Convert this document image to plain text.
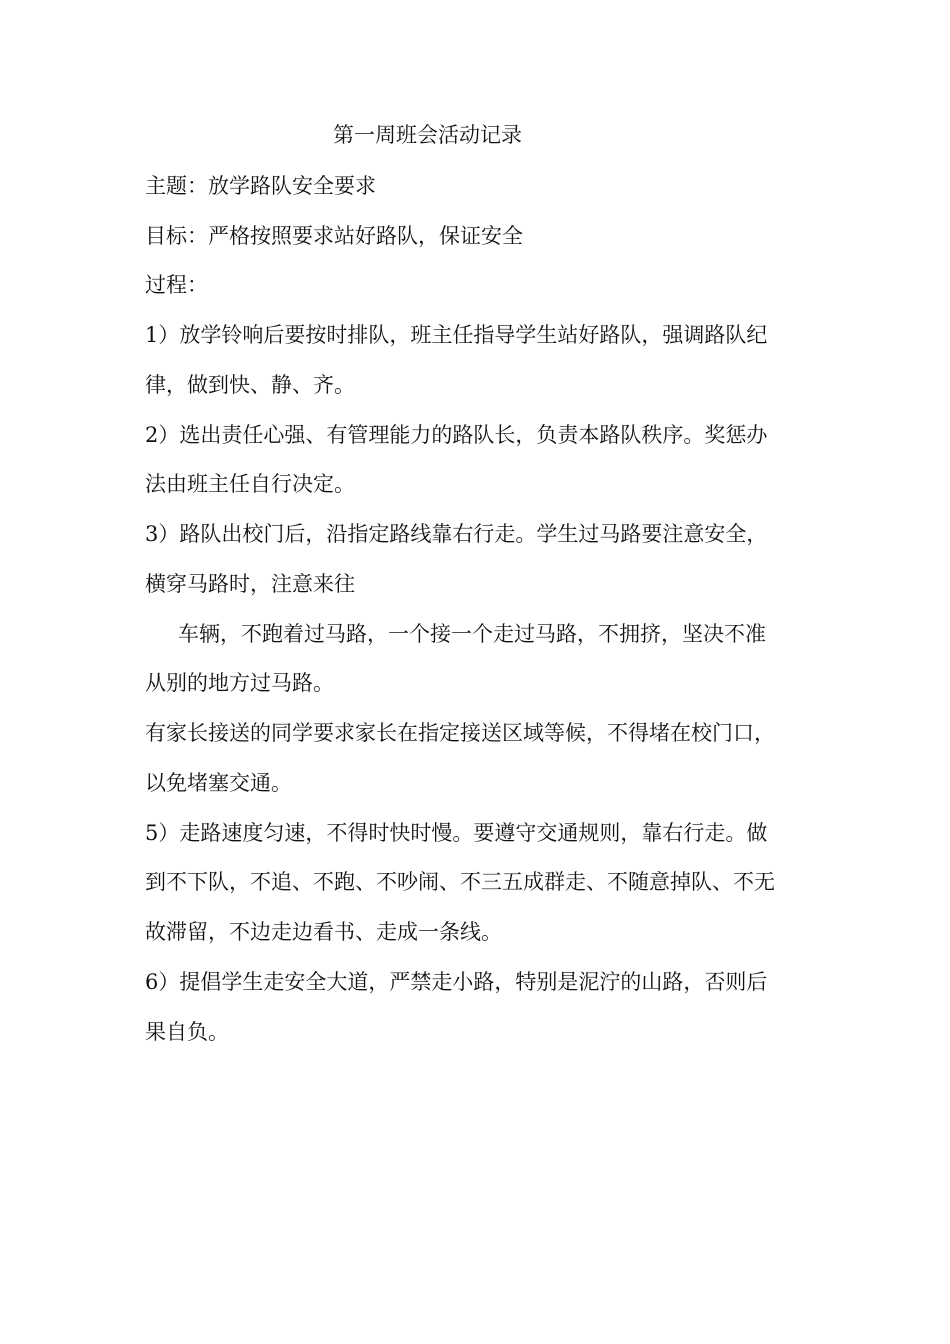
第一周班会活动记录
主题：放学路队安全要求
目标：严格按照要求站好路队，保证安全
过程：
1）放学铃响后要按时排队，班主任指导学生站好路队，强调路队纪
律，做到快、静、齐。
2）选出责任心强、有管理能力的路队长，负责本路队秩序。奖惩办
法由班主任自行决定。
3）路队出校门后，沿指定路线靠右行走。学生过马路要注意安全，
横穿马路时，注意来往
车辆，不跑着过马路，一个接一个走过马路，不拥挤，坚决不准
从别的地方过马路。
有家长接送的同学要求家长在指定接送区域等候，不得堵在校门口，
以免堵塞交通。
5）走路速度匀速，不得时快时慢。要遵守交通规则，靠右行走。做
到不下队，不追、不跑、不吵闹、不三五成群走、不随意掉队、不无
故滞留，不边走边看书、走成一条线。
6）提倡学生走安全大道，严禁走小路，特别是泥泞的山路，否则后
果自负。
